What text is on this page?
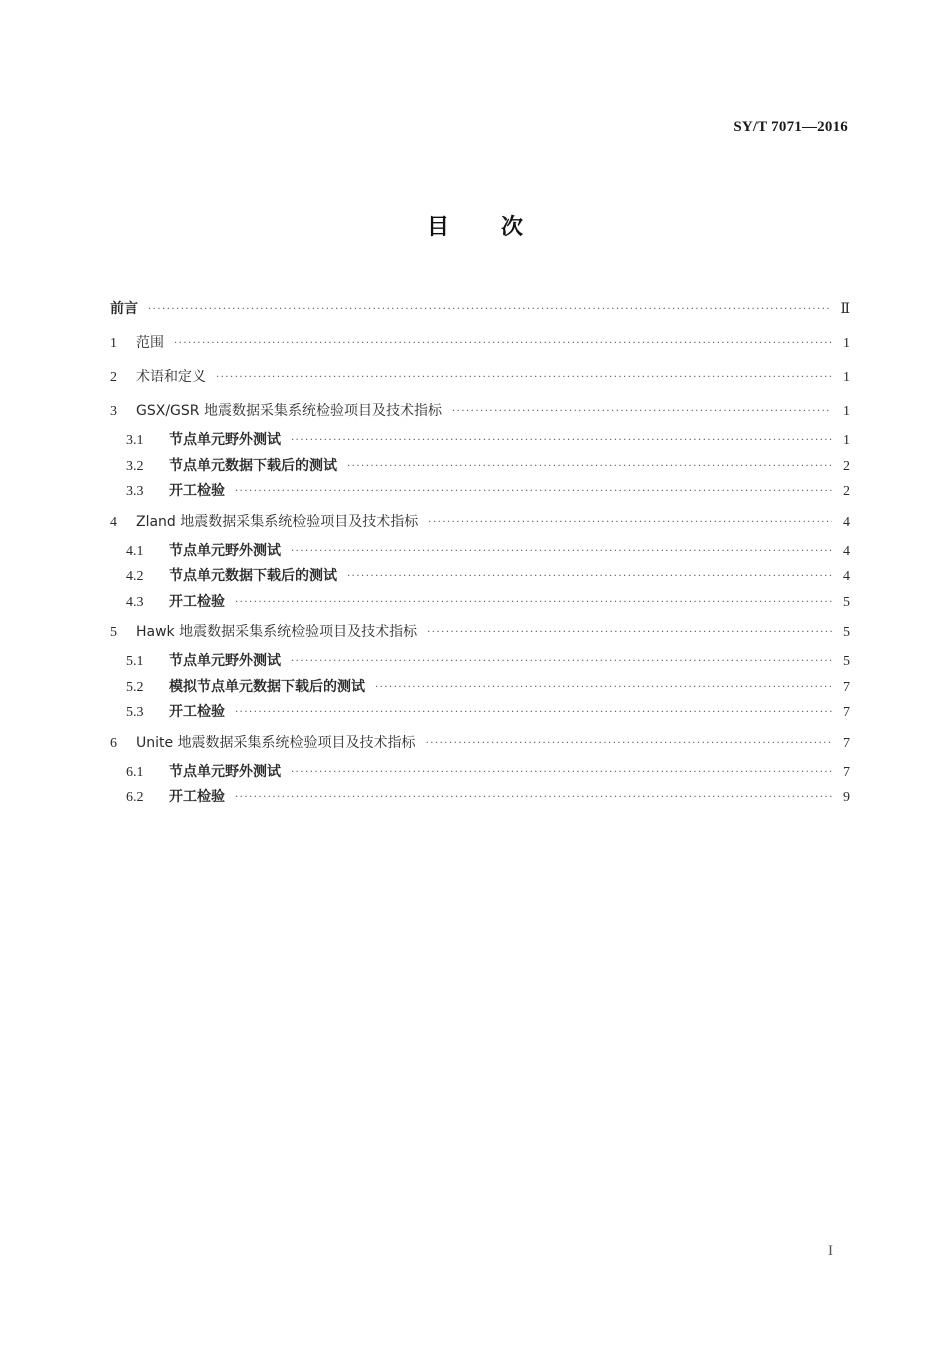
SY/T 7071—2016
目 次
前言 ·····	Ⅱ
1	范围 ·····	1
2	术语和定义 ·····	1
3	GSX/GSR 地震数据采集系统检验项目及技术指标 ·····	1
3.1	节点单元野外测试 ·····	1
3.2	节点单元数据下载后的测试 ·····	2
3.3	开工检验 ·····	2
4	Zland 地震数据采集系统检验项目及技术指标 ·····	4
4.1	节点单元野外测试 ·····	4
4.2	节点单元数据下载后的测试 ·····	4
4.3	开工检验 ·····	5
5	Hawk 地震数据采集系统检验项目及技术指标 ·····	5
5.1	节点单元野外测试 ·····	5
5.2	模拟节点单元数据下载后的测试 ·····	7
5.3	开工检验 ·····	7
6	Unite 地震数据采集系统检验项目及技术指标 ·····	7
6.1	节点单元野外测试 ·····	7
6.2	开工检验 ·····	9
I
